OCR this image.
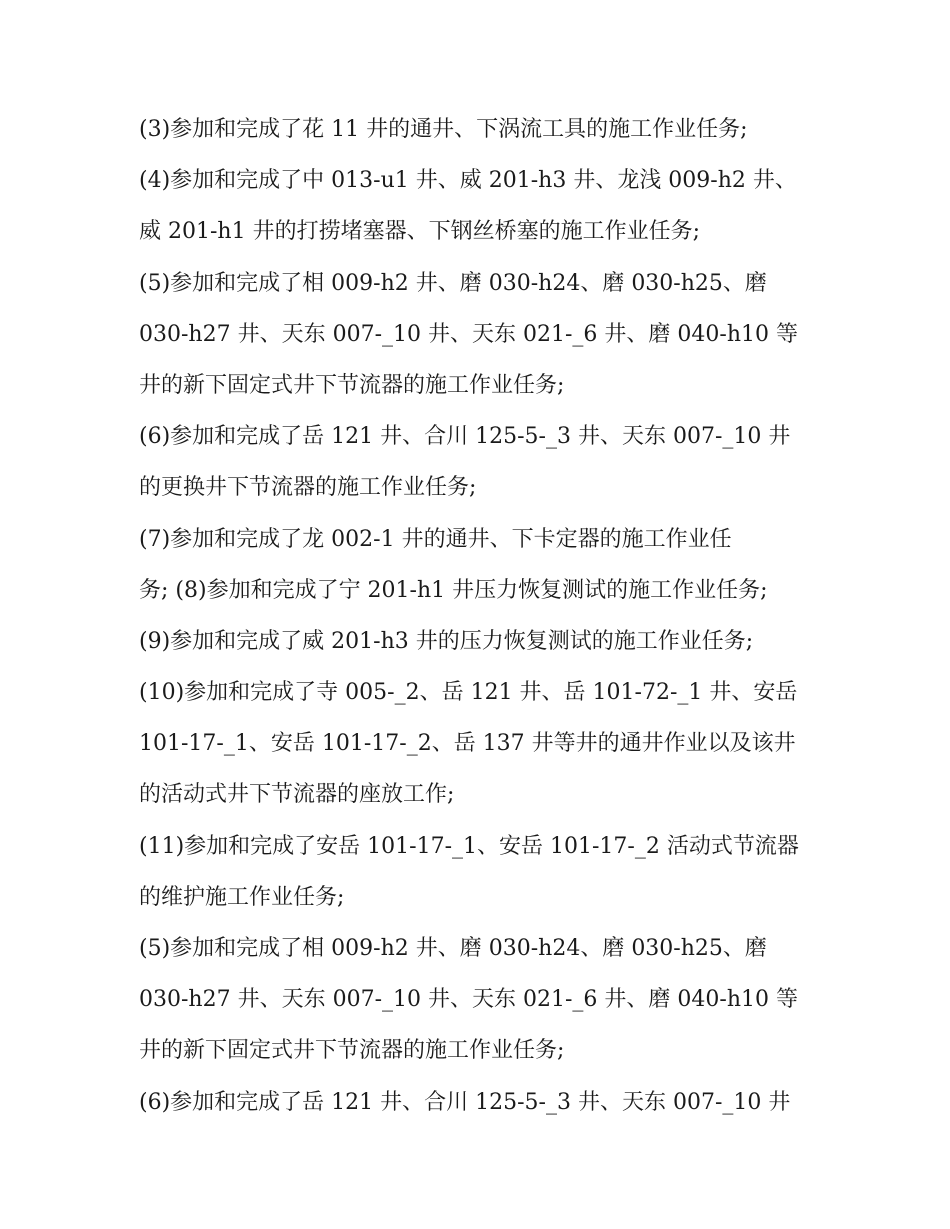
(3)参加和完成了花 11 井的通井、下涡流工具的施工作业任务;
(4)参加和完成了中 013-u1 井、威 201-h3 井、龙浅 009-h2 井、
威 201-h1 井的打捞堵塞器、下钢丝桥塞的施工作业任务;
(5)参加和完成了相 009-h2 井、磨 030-h24、磨 030-h25、磨
030-h27 井、天东 007-_10 井、天东 021-_6 井、磨 040-h10 等
井的新下固定式井下节流器的施工作业任务;
(6)参加和完成了岳 121 井、合川 125-5-_3 井、天东 007-_10 井
的更换井下节流器的施工作业任务;
(7)参加和完成了龙 002-1 井的通井、下卡定器的施工作业任
务; (8)参加和完成了宁 201-h1 井压力恢复测试的施工作业任务;
(9)参加和完成了威 201-h3 井的压力恢复测试的施工作业任务;
(10)参加和完成了寺 005-_2、岳 121 井、岳 101-72-_1 井、安岳
101-17-_1、安岳 101-17-_2、岳 137 井等井的通井作业以及该井
的活动式井下节流器的座放工作;
(11)参加和完成了安岳 101-17-_1、安岳 101-17-_2 活动式节流器
的维护施工作业任务;
(5)参加和完成了相 009-h2 井、磨 030-h24、磨 030-h25、磨
030-h27 井、天东 007-_10 井、天东 021-_6 井、磨 040-h10 等
井的新下固定式井下节流器的施工作业任务;
(6)参加和完成了岳 121 井、合川 125-5-_3 井、天东 007-_10 井
